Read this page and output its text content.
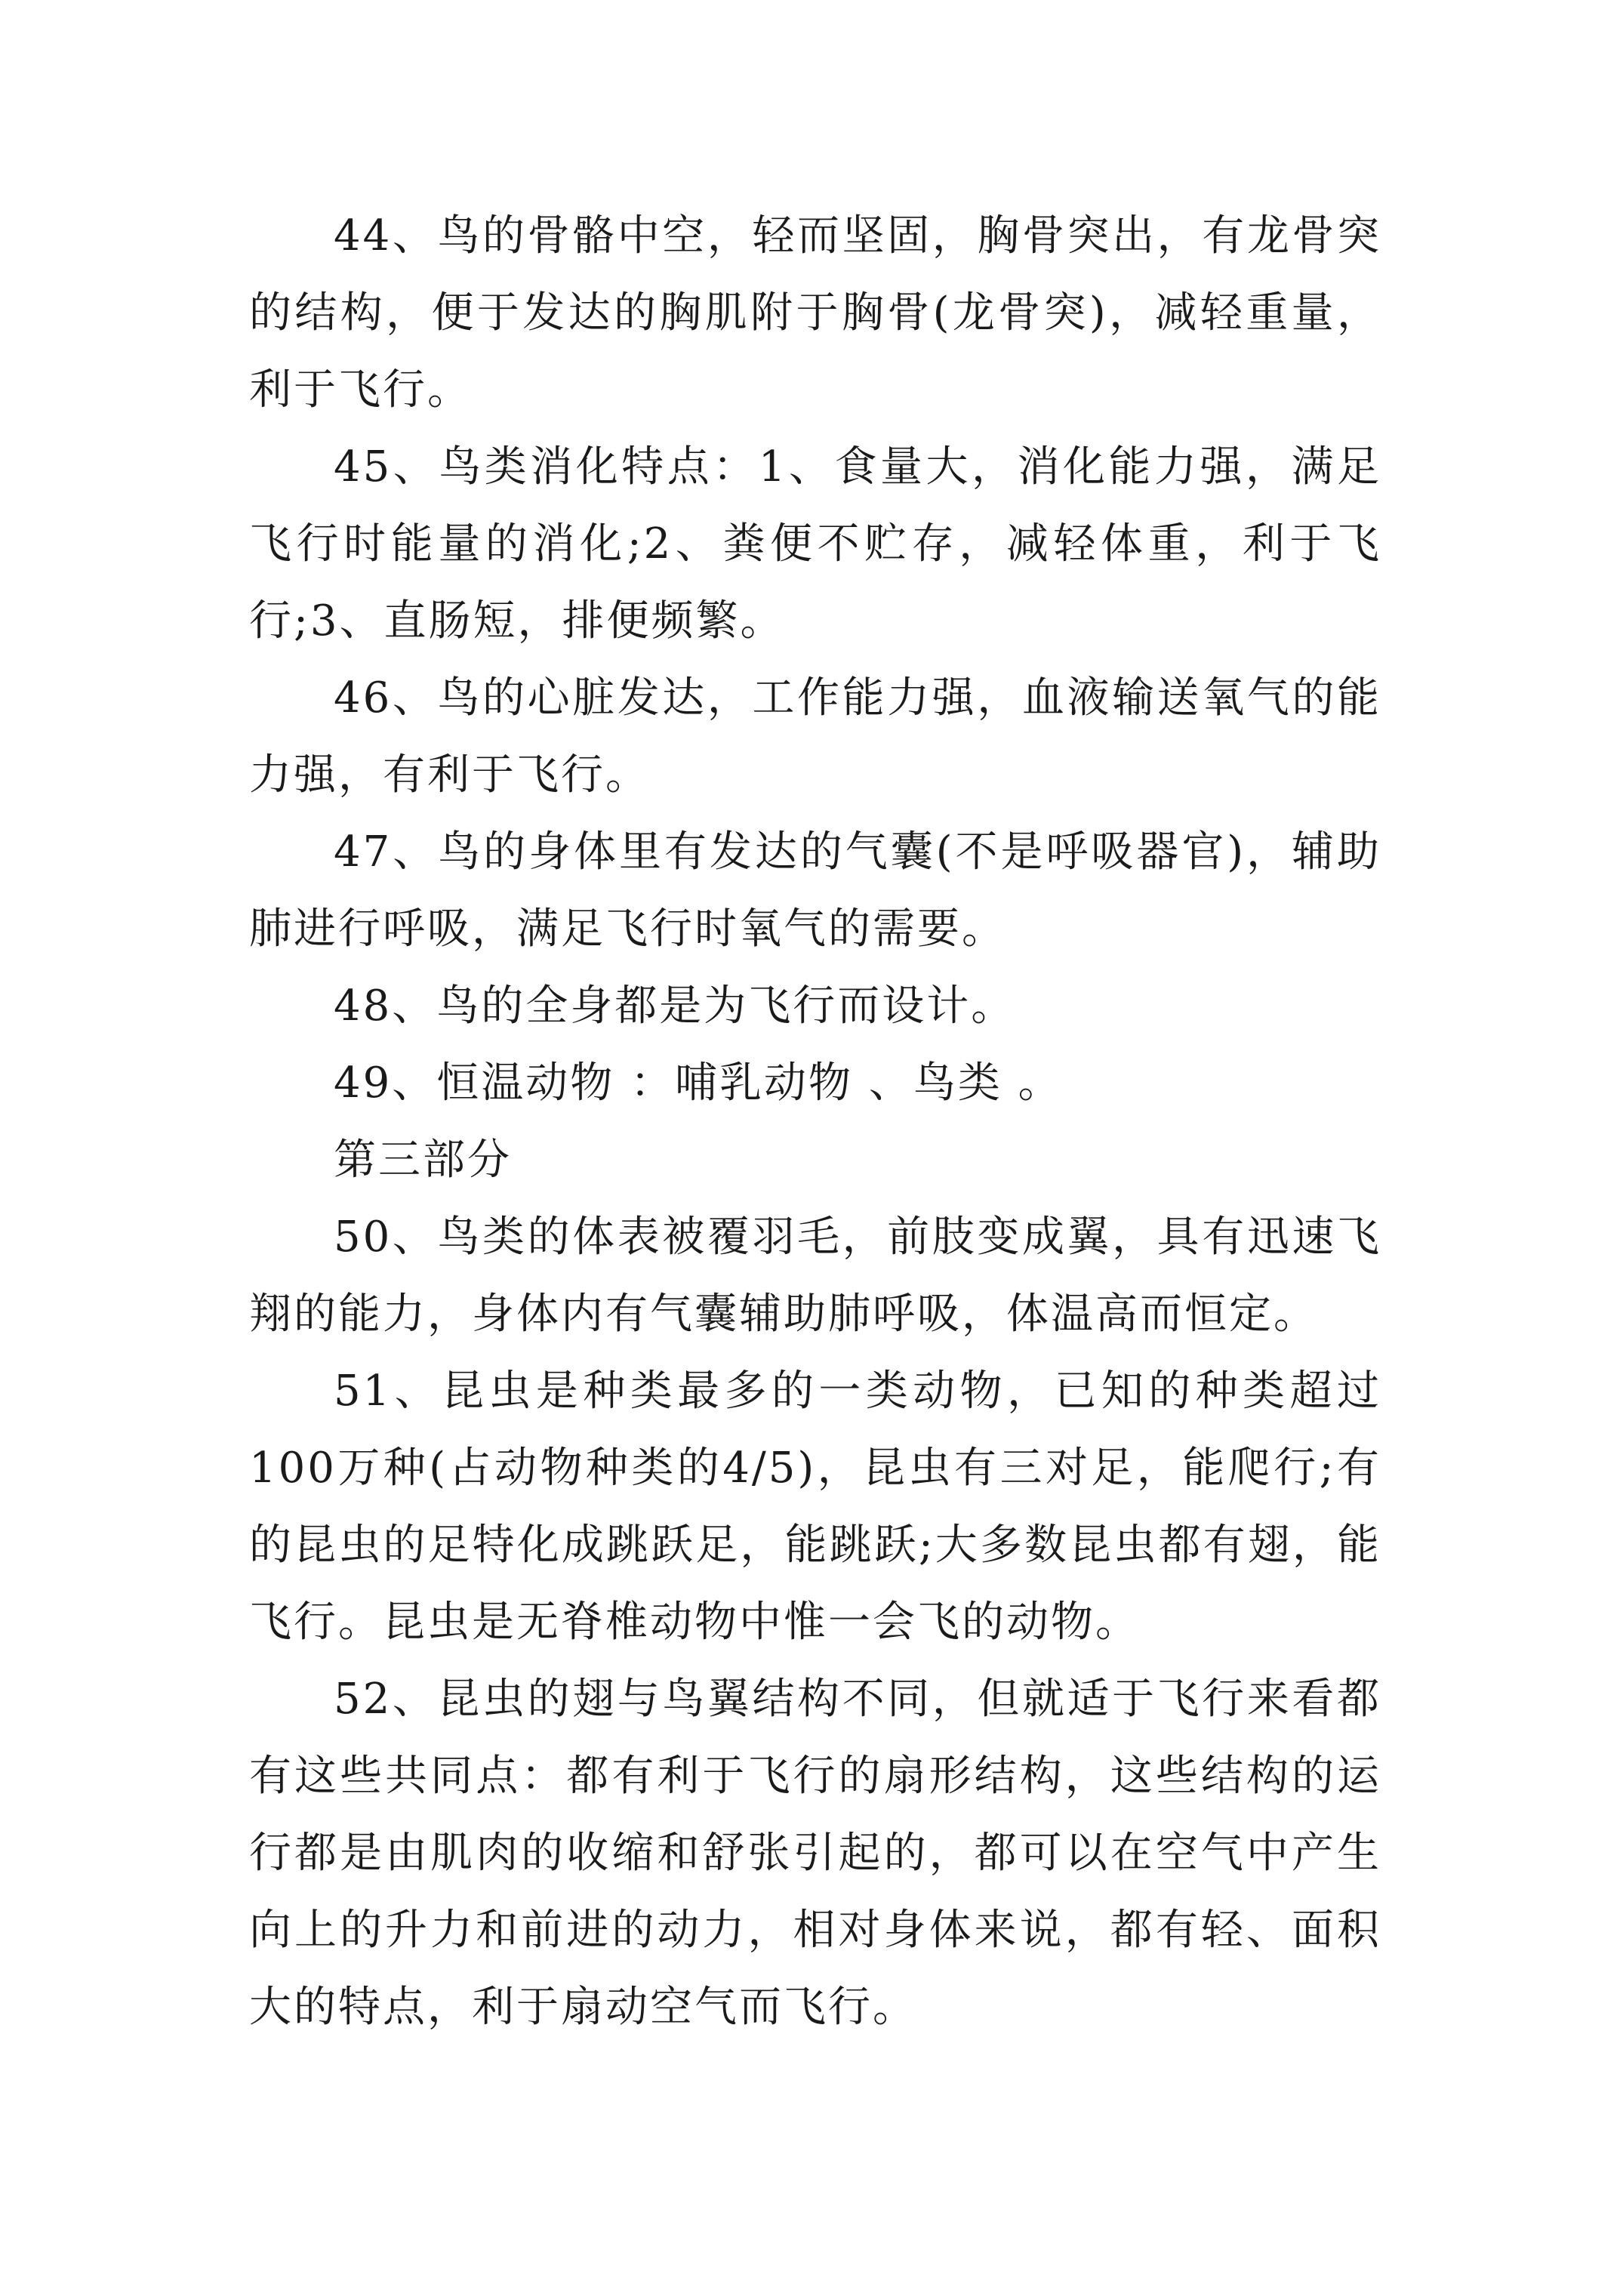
44、鸟的骨骼中空，轻而坚固，胸骨突出，有龙骨突的结构，便于发达的胸肌附于胸骨(龙骨突)，减轻重量，利于飞行。

45、鸟类消化特点：1、食量大，消化能力强，满足飞行时能量的消化;2、粪便不贮存，减轻体重，利于飞行;3、直肠短，排便频繁。

46、鸟的心脏发达，工作能力强，血液输送氧气的能力强，有利于飞行。

47、鸟的身体里有发达的气囊(不是呼吸器官)，辅助肺进行呼吸，满足飞行时氧气的需要。

48、鸟的全身都是为飞行而设计。

49、恒温动物 ：哺乳动物 、鸟类 。

第三部分

50、鸟类的体表被覆羽毛，前肢变成翼，具有迅速飞翔的能力，身体内有气囊辅助肺呼吸，体温高而恒定。

51、昆虫是种类最多的一类动物，已知的种类超过100万种(占动物种类的4/5)，昆虫有三对足，能爬行;有的昆虫的足特化成跳跃足，能跳跃;大多数昆虫都有翅，能飞行。昆虫是无脊椎动物中惟一会飞的动物。

52、昆虫的翅与鸟翼结构不同，但就适于飞行来看都有这些共同点：都有利于飞行的扇形结构，这些结构的运行都是由肌肉的收缩和舒张引起的，都可以在空气中产生向上的升力和前进的动力，相对身体来说，都有轻、面积大的特点，利于扇动空气而飞行。
